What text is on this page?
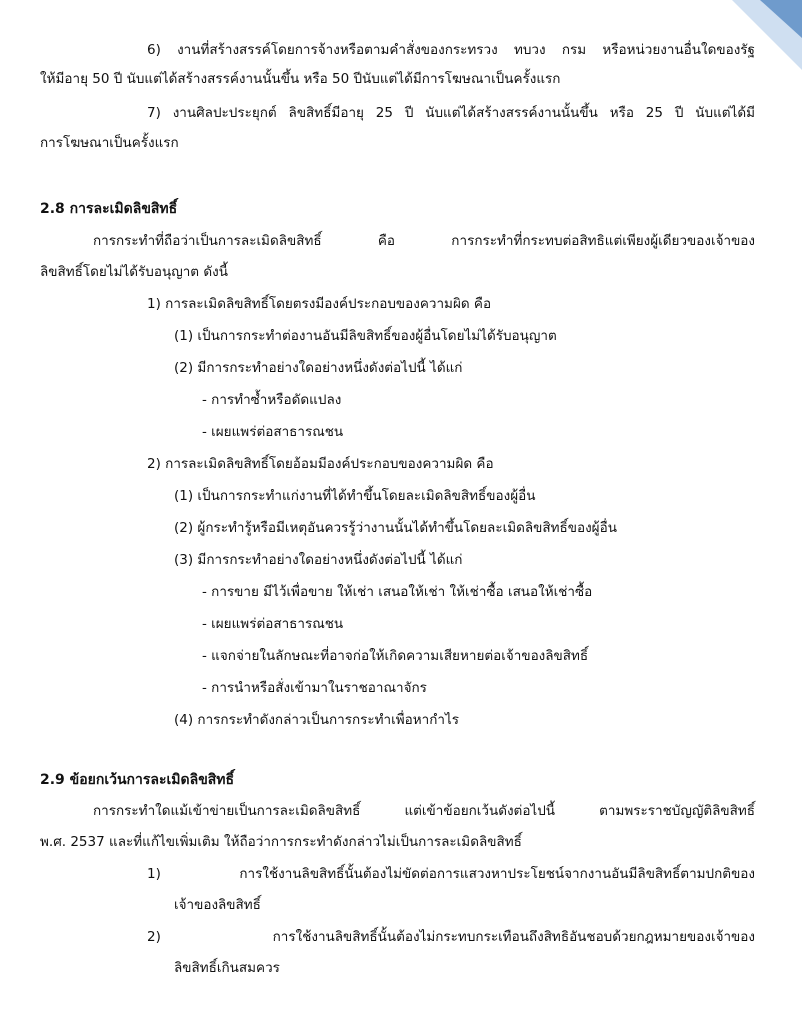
6) งานที่สร้างสรรค์โดยการจ้างหรือตามคำสั่งของกระทรวง ทบวง กรม หรือหน่วยงานอื่นใดของรัฐ
ให้มีอายุ 50 ปี นับแต่ได้สร้างสรรค์งานนั้นขึ้น หรือ 50 ปีนับแต่ได้มีการโฆษณาเป็นครั้งแรก
7) งานศิลปะประยุกต์ ลิขสิทธิ์มีอายุ 25 ปี นับแต่ได้สร้างสรรค์งานนั้นขึ้น หรือ 25 ปี นับแต่ได้มี
การโฆษณาเป็นครั้งแรก
2.8 การละเมิดลิขสิทธิ์
การกระทำที่ถือว่าเป็นการละเมิดลิขสิทธิ์ คือ การกระทำที่กระทบต่อสิทธิแต่เพียงผู้เดียวของเจ้าของ
ลิขสิทธิ์โดยไม่ได้รับอนุญาต ดังนี้
1) การละเมิดลิขสิทธิ์โดยตรงมีองค์ประกอบของความผิด คือ
(1) เป็นการกระทำต่องานอันมีลิขสิทธิ์ของผู้อื่นโดยไม่ได้รับอนุญาต
(2) มีการกระทำอย่างใดอย่างหนึ่งดังต่อไปนี้ ได้แก่
- การทำซ้ำหรือดัดแปลง
- เผยแพร่ต่อสาธารณชน
2) การละเมิดลิขสิทธิ์โดยอ้อมมีองค์ประกอบของความผิด คือ
(1) เป็นการกระทำแก่งานที่ได้ทำขึ้นโดยละเมิดลิขสิทธิ์ของผู้อื่น
(2) ผู้กระทำรู้หรือมีเหตุอันควรรู้ว่างานนั้นได้ทำขึ้นโดยละเมิดลิขสิทธิ์ของผู้อื่น
(3) มีการกระทำอย่างใดอย่างหนึ่งดังต่อไปนี้ ได้แก่
- การขาย มีไว้เพื่อขาย ให้เช่า เสนอให้เช่า ให้เช่าซื้อ เสนอให้เช่าซื้อ
- เผยแพร่ต่อสาธารณชน
- แจกจ่ายในลักษณะที่อาจก่อให้เกิดความเสียหายต่อเจ้าของลิขสิทธิ์
- การนำหรือสั่งเข้ามาในราชอาณาจักร
(4) การกระทำดังกล่าวเป็นการกระทำเพื่อหากำไร
2.9 ข้อยกเว้นการละเมิดลิขสิทธิ์
การกระทำใดแม้เข้าข่ายเป็นการละเมิดลิขสิทธิ์ แต่เข้าข้อยกเว้นดังต่อไปนี้ ตามพระราชบัญญัติลิขสิทธิ์
พ.ศ. 2537 และที่แก้ไขเพิ่มเติม ให้ถือว่าการกระทำดังกล่าวไม่เป็นการละเมิดลิขสิทธิ์
1) การใช้งานลิขสิทธิ์นั้นต้องไม่ขัดต่อการแสวงหาประโยชน์จากงานอันมีลิขสิทธิ์ตามปกติของ
เจ้าของลิขสิทธิ์
2) การใช้งานลิขสิทธิ์นั้นต้องไม่กระทบกระเทือนถึงสิทธิอันชอบด้วยกฎหมายของเจ้าของ
ลิขสิทธิ์เกินสมควร
